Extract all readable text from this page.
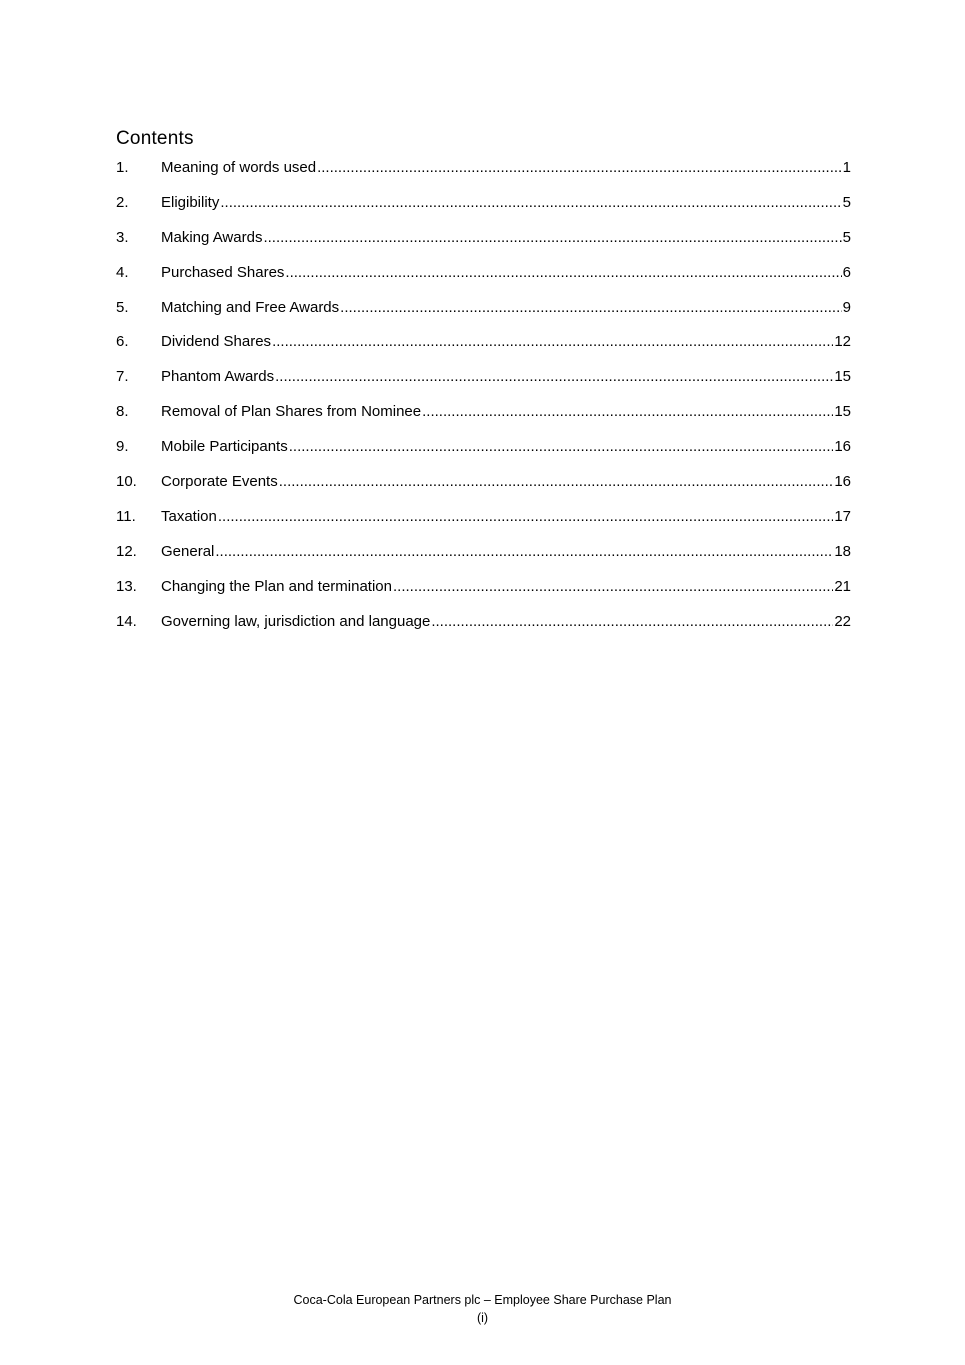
Contents
1.	Meaning of words used .....	1
2.	Eligibility .....	5
3.	Making Awards .....	5
4.	Purchased Shares .....	6
5.	Matching and Free Awards .....	9
6.	Dividend Shares .....	12
7.	Phantom Awards .....	15
8.	Removal of Plan Shares from Nominee .....	15
9.	Mobile Participants .....	16
10.	Corporate Events .....	16
11.	Taxation .....	17
12.	General .....	18
13.	Changing the Plan and termination .....	21
14.	Governing law, jurisdiction and language .....	22
Coca-Cola European Partners plc – Employee Share Purchase Plan
(i)
